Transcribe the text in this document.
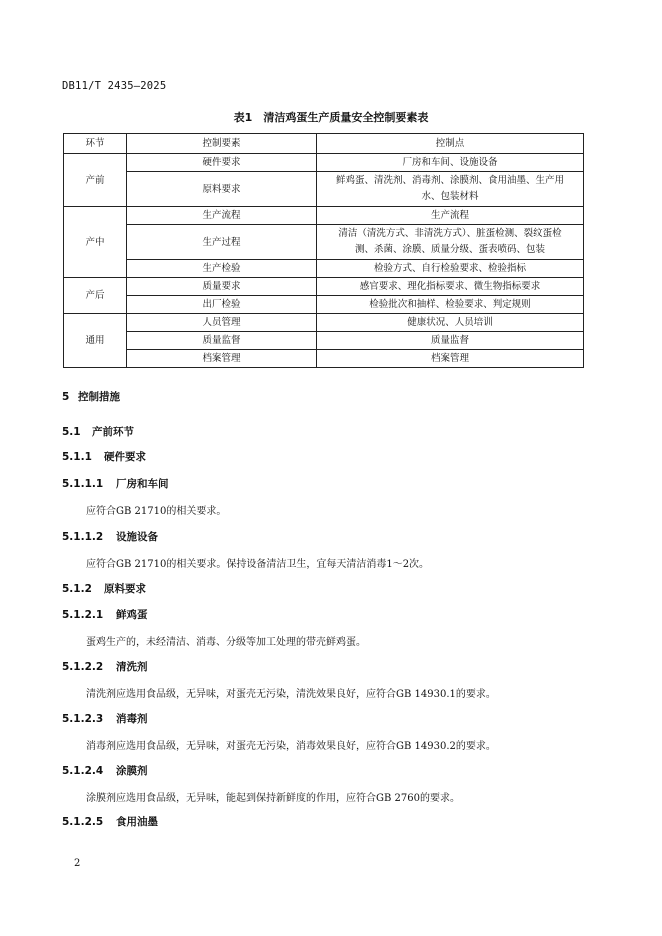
DB11/T 2435—2025
表1　清洁鸡蛋生产质量安全控制要素表
环节	控制要素	控制点
产前	硬件要求	厂房和车间、设施设备
	原料要求	鲜鸡蛋、清洗剂、消毒剂、涂膜剂、食用油墨、生产用
水、包装材料
产中	生产流程	生产流程
	生产过程	清洁（清洗方式、非清洗方式）、脏蛋检测、裂纹蛋检
测、杀菌、涂膜、质量分级、蛋表喷码、包装
	生产检验	检验方式、自行检验要求、检验指标
产后	质量要求	感官要求、理化指标要求、微生物指标要求
	出厂检验	检验批次和抽样、检验要求、判定规则
通用	人员管理	健康状况、人员培训
	质量监督	质量监督
	档案管理	档案管理
5 控制措施
5.1 产前环节
5.1.1 硬件要求
5.1.1.1 厂房和车间
应符合GB 21710的相关要求。
5.1.1.2 设施设备
应符合GB 21710的相关要求。保持设备清洁卫生，宜每天清洁消毒1～2次。
5.1.2 原料要求
5.1.2.1 鲜鸡蛋
蛋鸡生产的，未经清洁、消毒、分级等加工处理的带壳鲜鸡蛋。
5.1.2.2 清洗剂
清洗剂应选用食品级，无异味，对蛋壳无污染，清洗效果良好，应符合GB 14930.1的要求。
5.1.2.3 消毒剂
消毒剂应选用食品级，无异味，对蛋壳无污染，消毒效果良好，应符合GB 14930.2的要求。
5.1.2.4 涂膜剂
涂膜剂应选用食品级，无异味，能起到保持新鲜度的作用，应符合GB 2760的要求。
5.1.2.5 食用油墨
2
